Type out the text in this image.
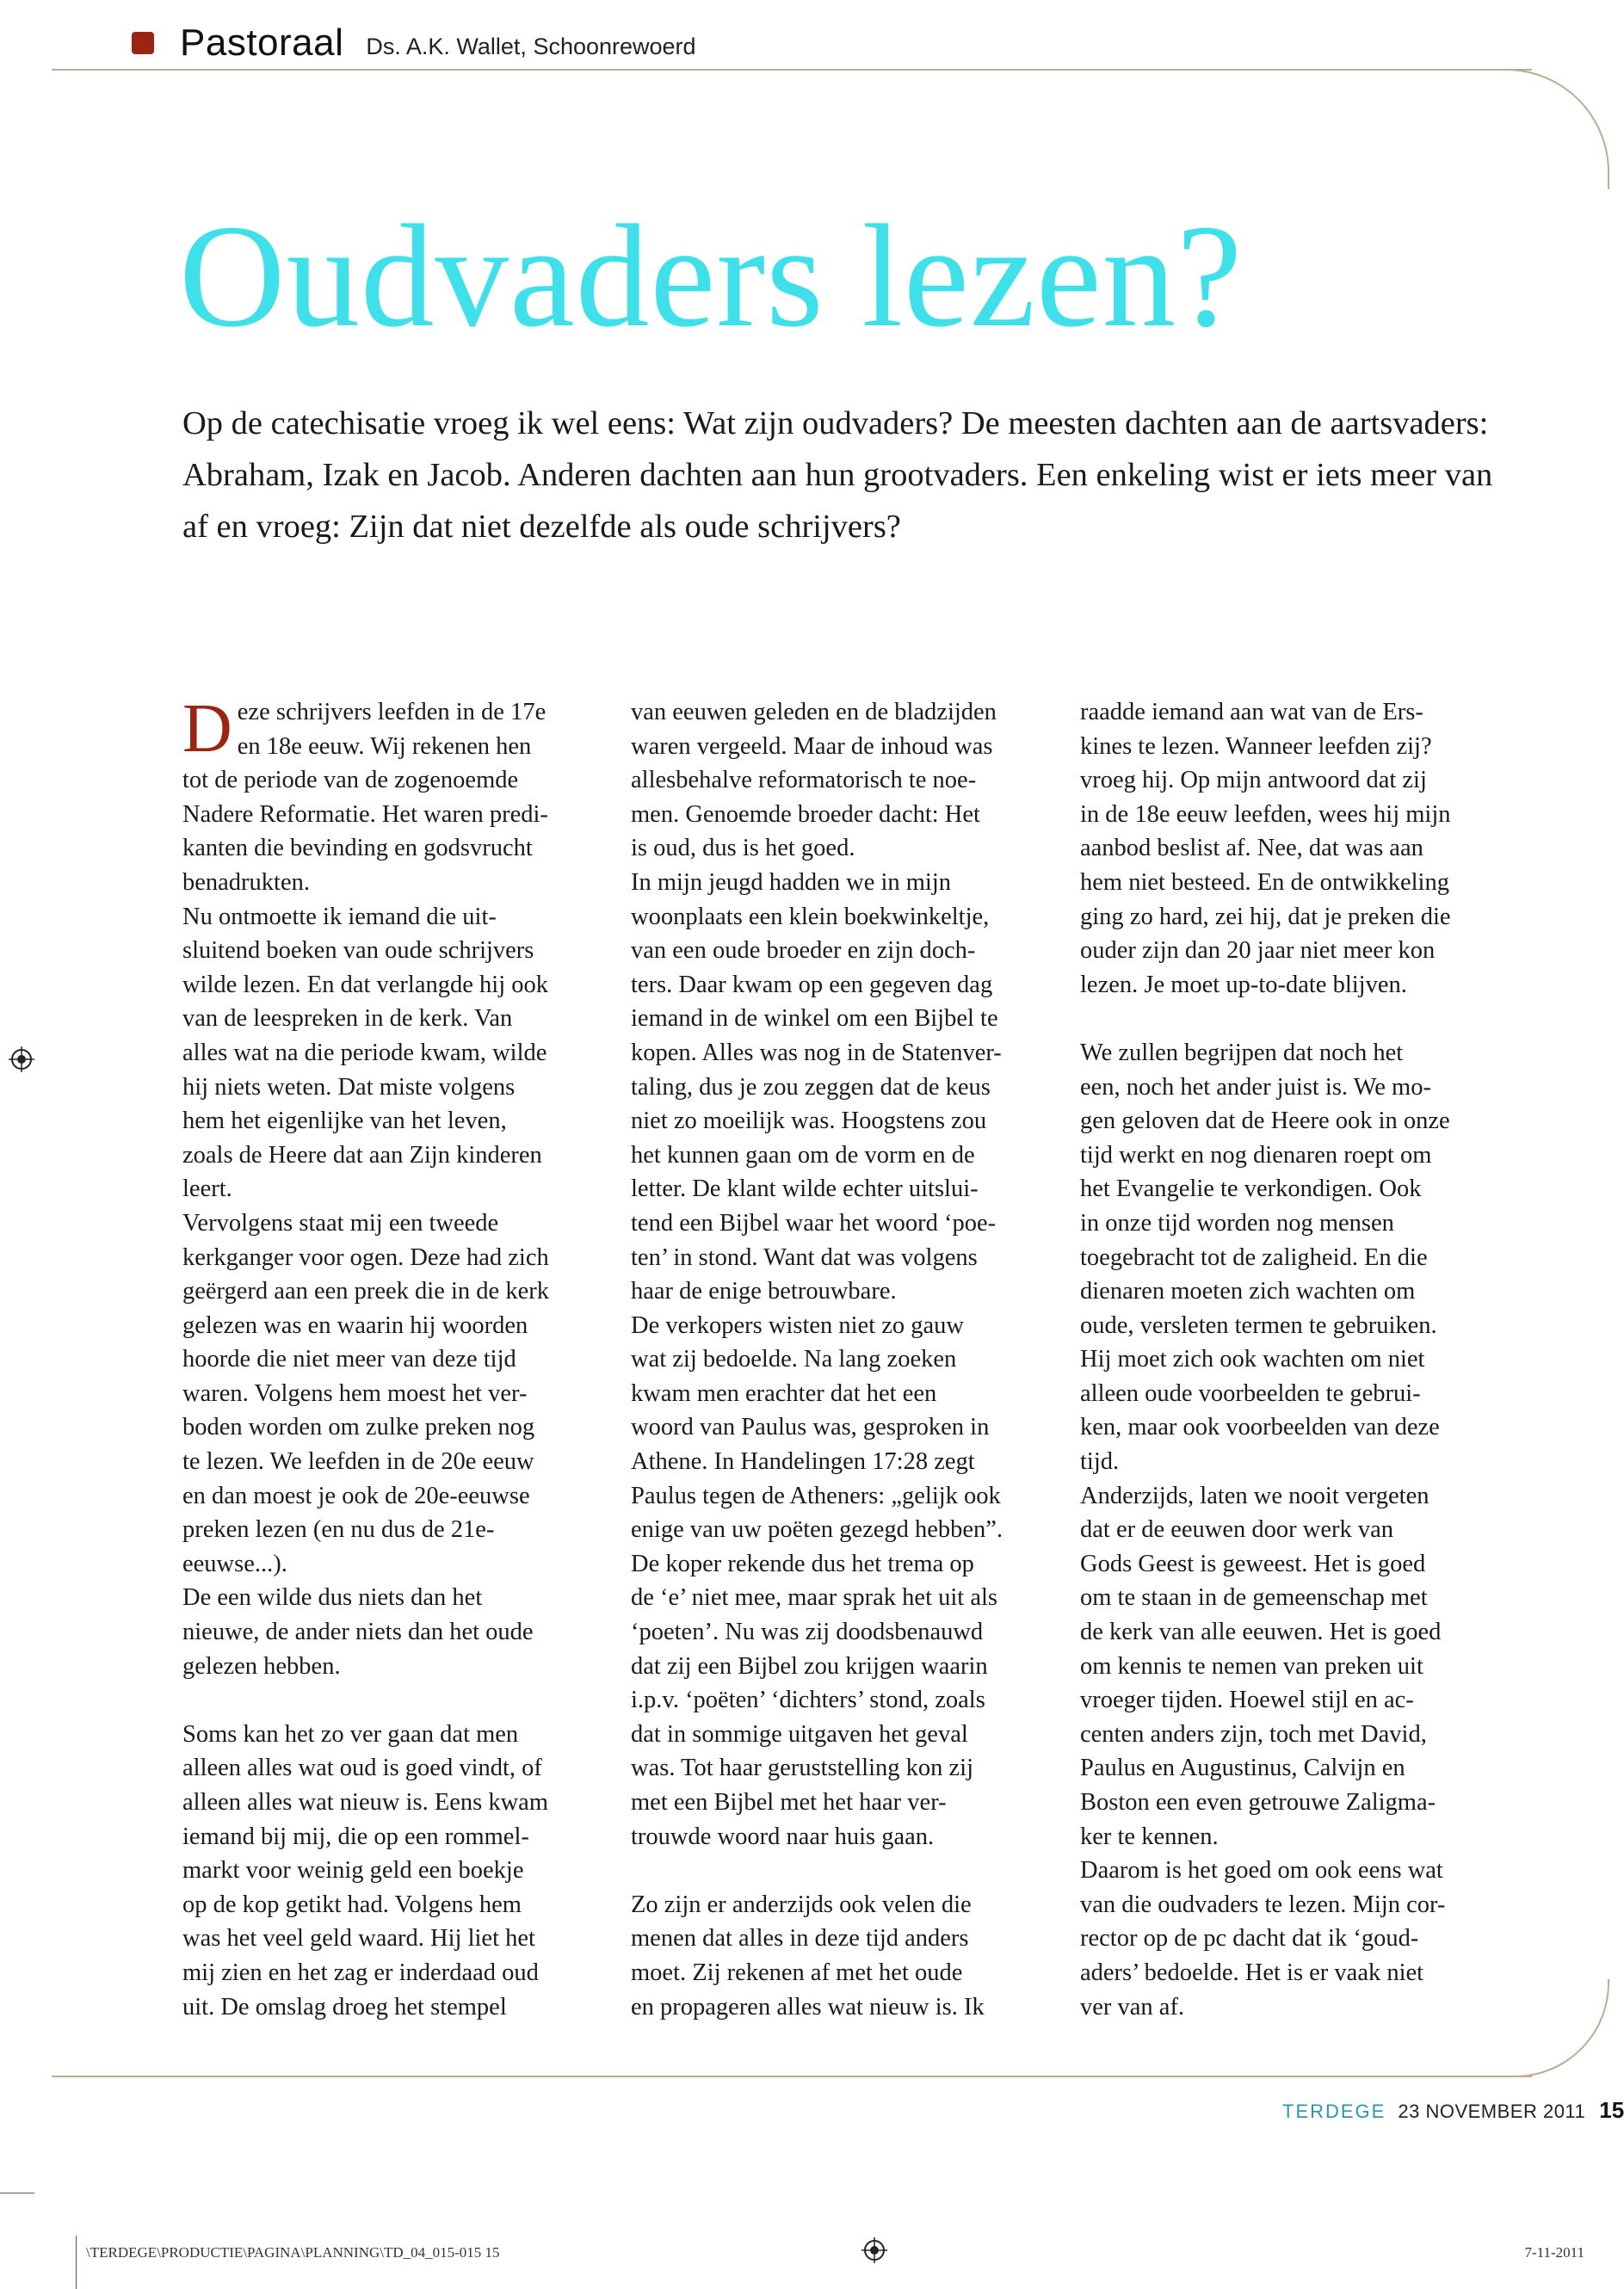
Pastoraal Ds. A.K. Wallet, Schoonrewoerd
Oudvaders lezen?

Op de catechisatie vroeg ik wel eens: Wat zijn oudvaders? De meesten dachten aan de aartsvaders: Abraham, Izak en Jacob. Anderen dachten aan hun grootvaders. Een enkeling wist er iets meer van af en vroeg: Zijn dat niet dezelfde als oude schrijvers?

Deze schrijvers leefden in de 17e
en 18e eeuw. Wij rekenen hen
tot de periode van de zogenoemde
Nadere Reformatie. Het waren predi-
kanten die bevinding en godsvrucht
benadrukten.

Nu ontmoette ik iemand die uit-
sluitend boeken van oude schrijvers
wilde lezen. En dat verlangde hij ook
van de leespreken in de kerk. Van
alles wat na die periode kwam, wilde
hij niets weten. Dat miste volgens
hem het eigenlijke van het leven,
zoals de Heere dat aan Zijn kinderen
leert.

Vervolgens staat mij een tweede
kerkganger voor ogen. Deze had zich
geërgerd aan een preek die in de kerk
gelezen was en waarin hij woorden
hoorde die niet meer van deze tijd
waren. Volgens hem moest het ver-
boden worden om zulke preken nog
te lezen. We leefden in de 20e eeuw
en dan moest je ook de 20e-eeuwse
preken lezen (en nu dus de 21e-
eeuwse...).

De een wilde dus niets dan het
nieuwe, de ander niets dan het oude
gelezen hebben.

Soms kan het zo ver gaan dat men
alleen alles wat oud is goed vindt, of
alleen alles wat nieuw is. Eens kwam
iemand bij mij, die op een rommel-
markt voor weinig geld een boekje
op de kop getikt had. Volgens hem
was het veel geld waard. Hij liet het
mij zien en het zag er inderdaad oud
uit. De omslag droeg het stempel

van eeuwen geleden en de bladzijden
waren vergeeld. Maar de inhoud was
allesbehalve reformatorisch te noe-
men. Genoemde broeder dacht: Het
is oud, dus is het goed.

In mijn jeugd hadden we in mijn
woonplaats een klein boekwinkeltje,
van een oude broeder en zijn doch-
ters. Daar kwam op een gegeven dag
iemand in de winkel om een Bijbel te
kopen. Alles was nog in de Statenver-
taling, dus je zou zeggen dat de keus
niet zo moeilijk was. Hoogstens zou
het kunnen gaan om de vorm en de
letter. De klant wilde echter uitslui-
tend een Bijbel waar het woord ‘poe-
ten’ in stond. Want dat was volgens
haar de enige betrouwbare.

De verkopers wisten niet zo gauw
wat zij bedoelde. Na lang zoeken
kwam men erachter dat het een
woord van Paulus was, gesproken in
Athene. In Handelingen 17:28 zegt
Paulus tegen de Atheners: „gelijk ook
enige van uw poëten gezegd hebben”.
De koper rekende dus het trema op
de ‘e’ niet mee, maar sprak het uit als
‘poeten’. Nu was zij doodsbenauwd
dat zij een Bijbel zou krijgen waarin
i.p.v. ‘poëten’ ‘dichters’ stond, zoals
dat in sommige uitgaven het geval
was. Tot haar geruststelling kon zij
met een Bijbel met het haar ver-
trouwde woord naar huis gaan.

Zo zijn er anderzijds ook velen die
menen dat alles in deze tijd anders
moet. Zij rekenen af met het oude
en propageren alles wat nieuw is. Ik

raadde iemand aan wat van de Ers-
kines te lezen. Wanneer leefden zij?
vroeg hij. Op mijn antwoord dat zij
in de 18e eeuw leefden, wees hij mijn
aanbod beslist af. Nee, dat was aan
hem niet besteed. En de ontwikkeling
ging zo hard, zei hij, dat je preken die
ouder zijn dan 20 jaar niet meer kon
lezen. Je moet up-to-date blijven.

We zullen begrijpen dat noch het
een, noch het ander juist is. We mo-
gen geloven dat de Heere ook in onze
tijd werkt en nog dienaren roept om
het Evangelie te verkondigen. Ook
in onze tijd worden nog mensen
toegebracht tot de zaligheid. En die
dienaren moeten zich wachten om
oude, versleten termen te gebruiken.
Hij moet zich ook wachten om niet
alleen oude voorbeelden te gebrui-
ken, maar ook voorbeelden van deze
tijd.

Anderzijds, laten we nooit vergeten
dat er de eeuwen door werk van
Gods Geest is geweest. Het is goed
om te staan in de gemeenschap met
de kerk van alle eeuwen. Het is goed
om kennis te nemen van preken uit
vroeger tijden. Hoewel stijl en ac-
centen anders zijn, toch met David,
Paulus en Augustinus, Calvijn en
Boston een even getrouwe Zaligma-
ker te kennen.

Daarom is het goed om ook eens wat
van die oudvaders te lezen. Mijn cor-
rector op de pc dacht dat ik ‘goud-
aders’ bedoelde. Het is er vaak niet
ver van af.

TERDEGE 23 NOVEMBER 2011 15
\TERDEGE\PRODUCTIE\PAGINA\PLANNING\TD_04_015-015 15	7-11-2011
